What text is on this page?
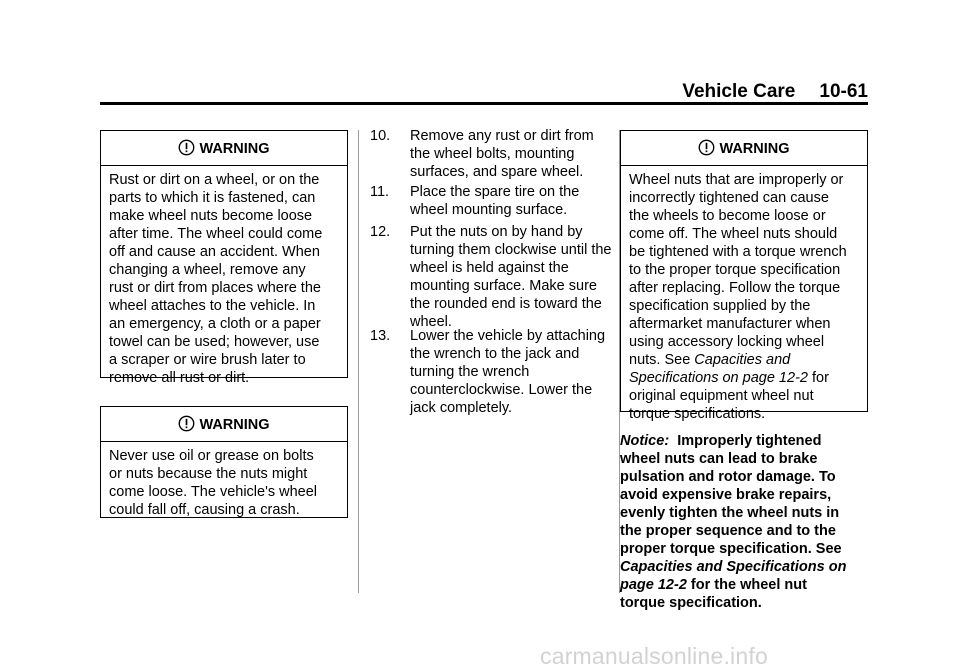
Vehicle Care 10-61
WARNING
Rust or dirt on a wheel, or on the
parts to which it is fastened, can
make wheel nuts become loose
after time. The wheel could come
off and cause an accident. When
changing a wheel, remove any
rust or dirt from places where the
wheel attaches to the vehicle. In
an emergency, a cloth or a paper
towel can be used; however, use
a scraper or wire brush later to
remove all rust or dirt.
WARNING
Never use oil or grease on bolts
or nuts because the nuts might
come loose. The vehicle's wheel
could fall off, causing a crash.
10. Remove any rust or dirt from
the wheel bolts, mounting
surfaces, and spare wheel.
11. Place the spare tire on the
wheel mounting surface.
12. Put the nuts on by hand by
turning them clockwise until the
wheel is held against the
mounting surface. Make sure
the rounded end is toward the
wheel.
13. Lower the vehicle by attaching
the wrench to the jack and
turning the wrench
counterclockwise. Lower the
jack completely.
WARNING
Wheel nuts that are improperly or
incorrectly tightened can cause
the wheels to become loose or
come off. The wheel nuts should
be tightened with a torque wrench
to the proper torque specification
after replacing. Follow the torque
specification supplied by the
aftermarket manufacturer when
using accessory locking wheel
nuts. See Capacities and
Specifications on page 12-2 for
original equipment wheel nut
torque specifications.
Notice: Improperly tightened
wheel nuts can lead to brake
pulsation and rotor damage. To
avoid expensive brake repairs,
evenly tighten the wheel nuts in
the proper sequence and to the
proper torque specification. See
Capacities and Specifications on
page 12-2 for the wheel nut
torque specification.
carmanualsonline.info
